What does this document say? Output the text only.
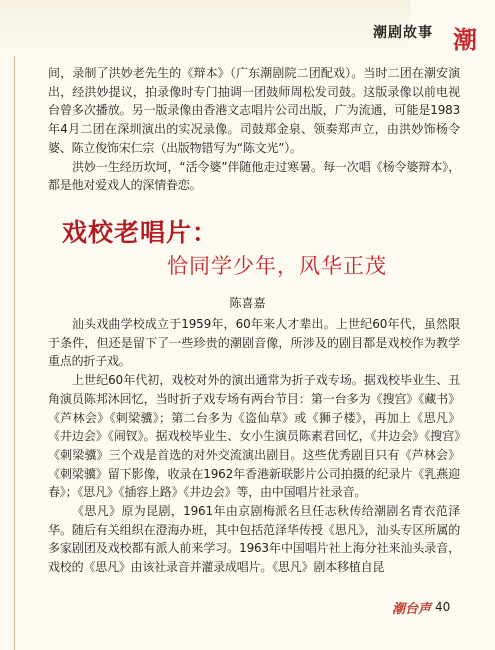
潮剧故事 潮

间，录制了洪妙老先生的《辩本》（广东潮剧院二团配戏）。当时二团在潮安演出，经洪妙提议，拍录像时专门抽调一团鼓师周松发司鼓。这版录像以前电视台曾多次播放。另一版录像由香港文志唱片公司出版，广为流通，可能是1983年4月二团在深圳演出的实况录像。司鼓郑金泉、领奏郑声立，由洪妙饰杨令婆、陈立俊饰宋仁宗（出版物错写为“陈文光”）。

洪妙一生经历坎坷，“活令婆”伴随他走过寒暑。每一次唱《杨令婆辩本》，都是他对爱戏人的深情眷恋。

戏校老唱片：
恰同学少年，风华正茂
陈喜嘉

汕头戏曲学校成立于1959年，60年来人才辈出。上世纪60年代，虽然限于条件，但还是留下了一些珍贵的潮剧音像，所涉及的剧目都是戏校作为教学重点的折子戏。

上世纪60年代初，戏校对外的演出通常为折子戏专场。据戏校毕业生、丑角演员陈邦沐回忆，当时折子戏专场有两台节目：第一台多为《搜宫》《藏书》《芦林会》《刺梁骥》；第二台多为《盗仙草》或《狮子楼》，再加上《思凡》《井边会》《闹钗》。据戏校毕业生、女小生演员陈素君回忆，《井边会》《搜宫》《刺梁骥》三个戏是首选的对外交流演出剧目。这些优秀剧目只有《芦林会》《刺梁骥》留下影像，收录在1962年香港新联影片公司拍摄的纪录片《乳燕迎春》；《思凡》《插容上路》《井边会》等，由中国唱片社录音。

《思凡》原为昆剧，1961年由京剧梅派名旦任志秋传给潮剧名青衣范泽华。随后有关组织在澄海办班，其中包括范泽华传授《思凡》，汕头专区所属的多家剧团及戏校都有派人前来学习。1963年中国唱片社上海分社来汕头录音，戏校的《思凡》由该社录音并灌录成唱片。《思凡》剧本移植自昆

潮台声 40
